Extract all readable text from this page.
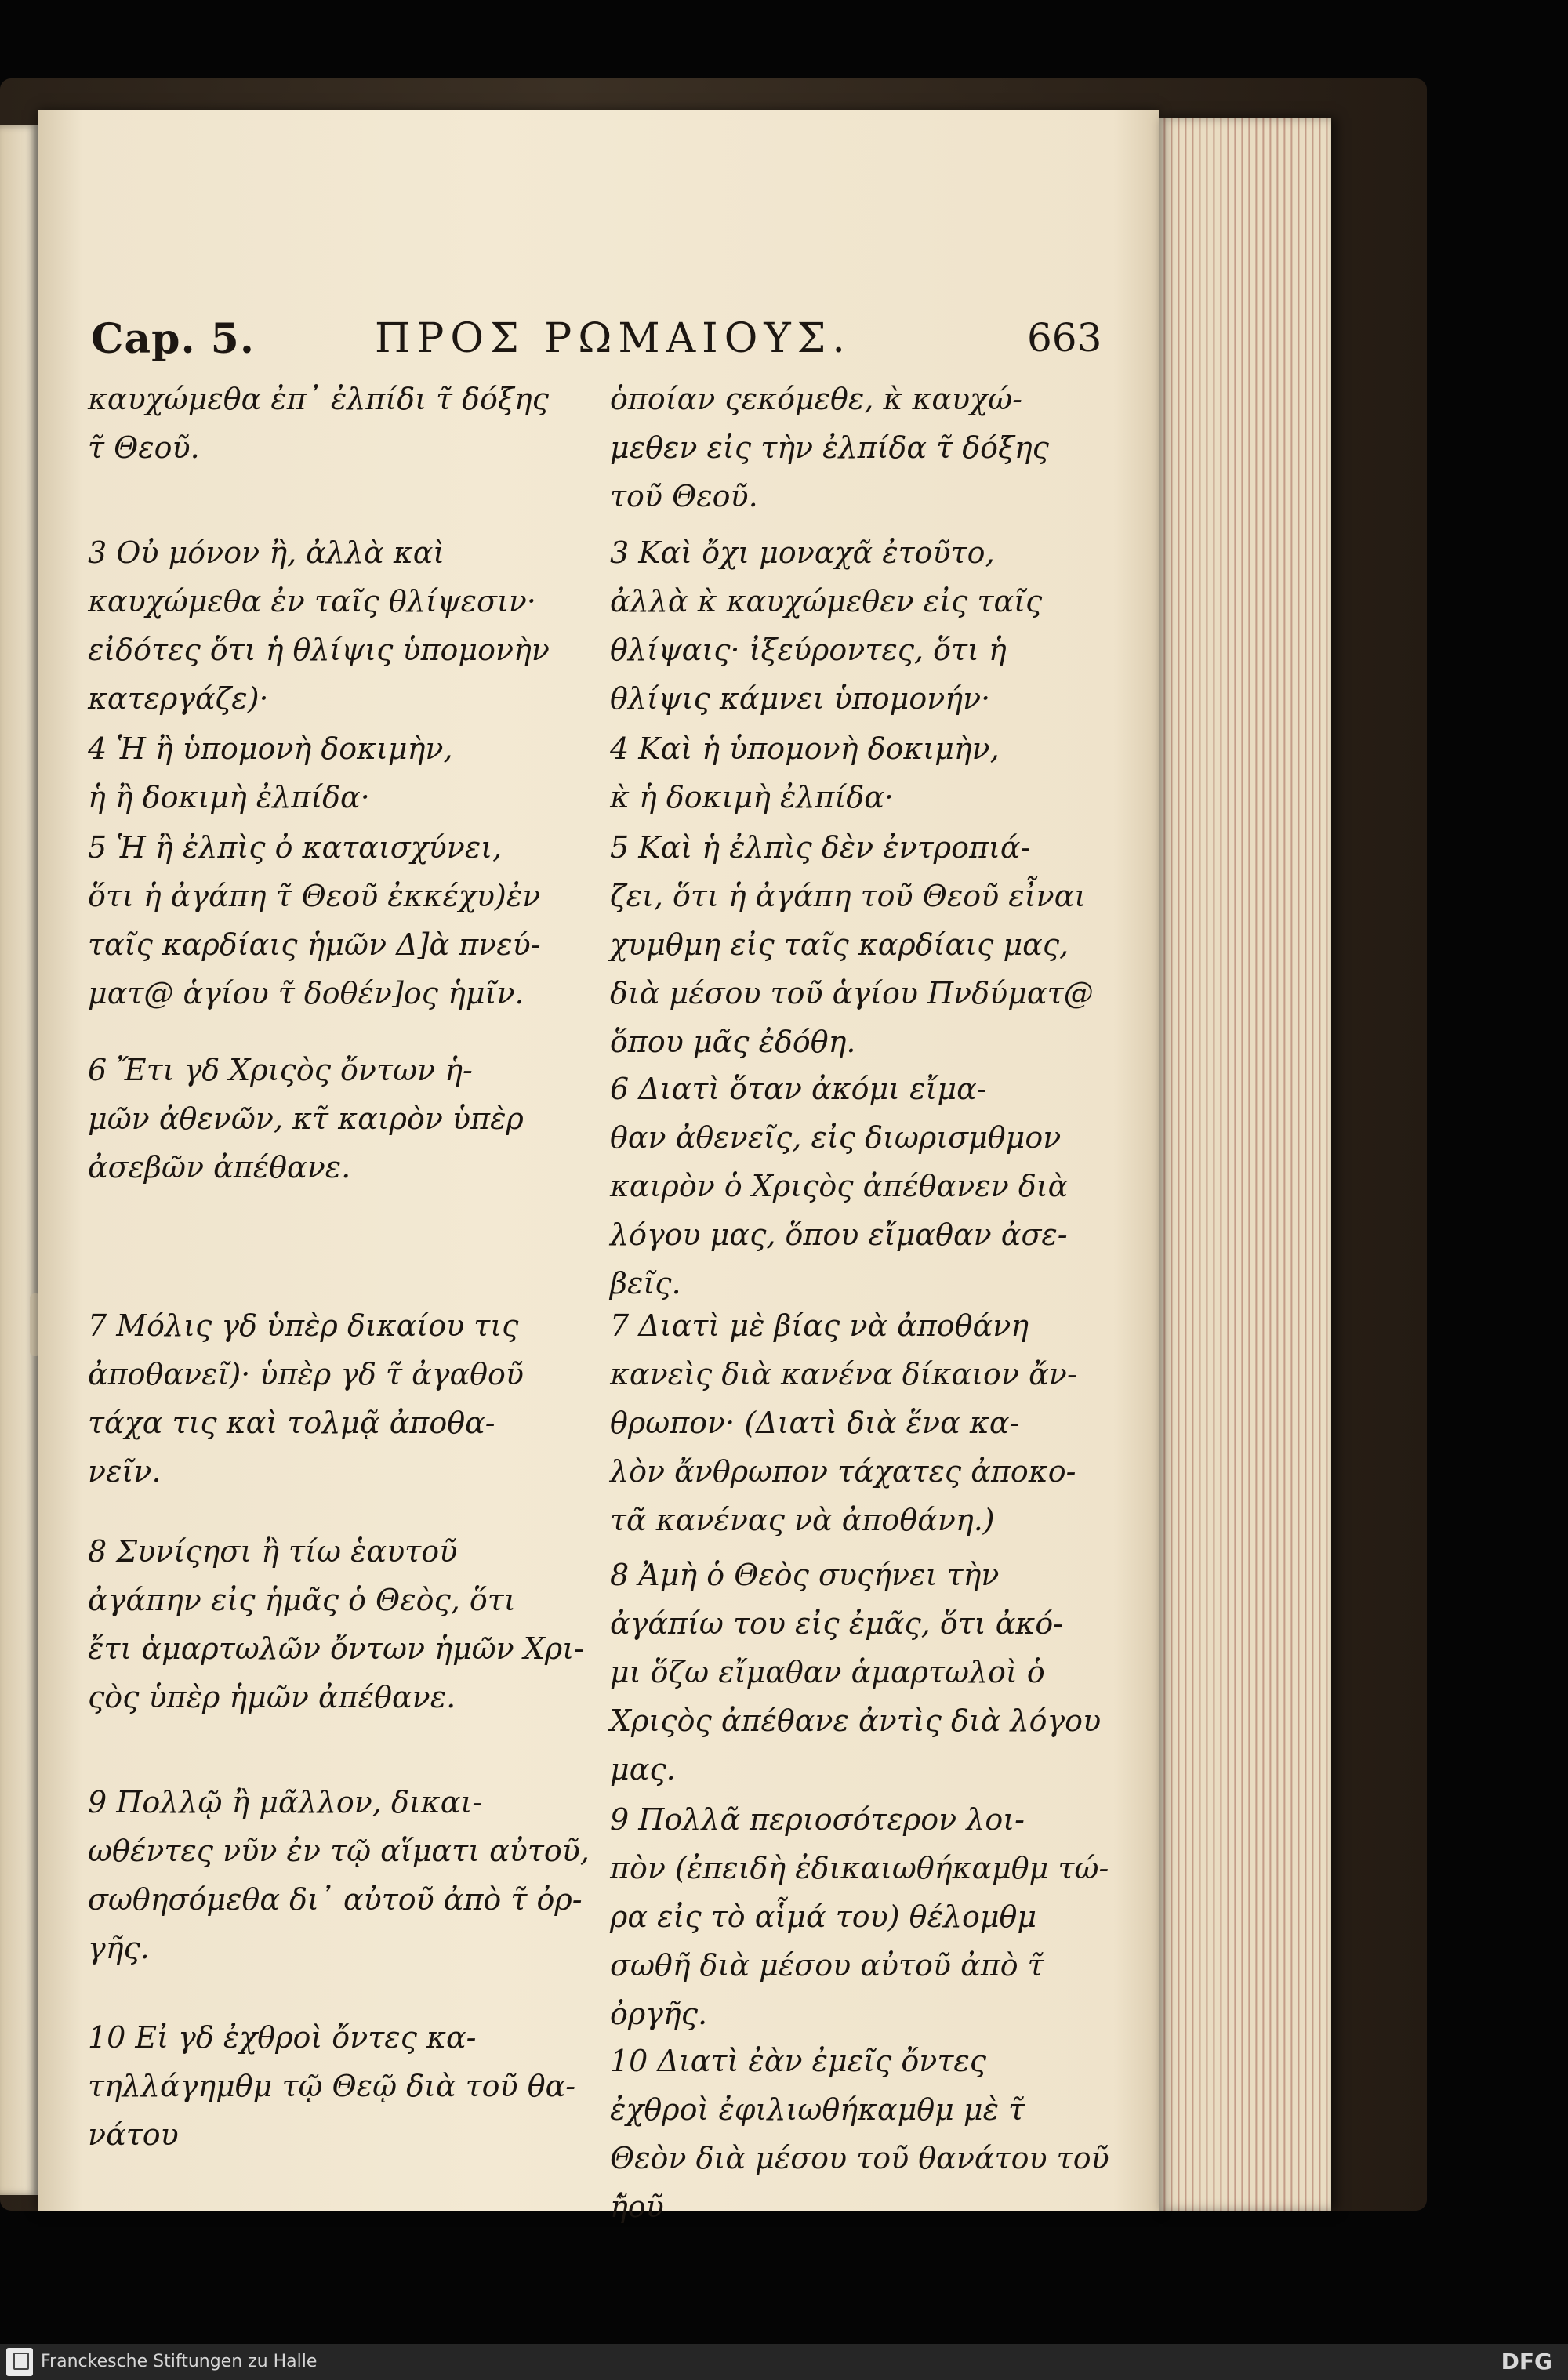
Cap. 5.	ΠΡΟΣ ΡΩΜΑΙΟΥΣ.	663

καυχώμεθα ἐπ᾽ ἐλπίδι τ̃ δόξης
τ̃ Θεοῦ.

3 Οὐ μόνον ἢ, ἀλλὰ καὶ
καυχώμεθα ἐν ταῖς θλίψεσιν·
εἰδότες ὅτι ἡ θλίψις ὑπομονὴν
κατεργάζε)·

4 Ἡ ἢ ὑπομονὴ δοκιμὴν,
ἡ ἢ δοκιμὴ ἐλπίδα·

5 Ἡ ἢ ἐλπὶς ὀ καταισχύνει,
ὅτι ἡ ἀγάπη τ̃ Θεοῦ ἐκκέχυ)ἐν
ταῖς καρδίαις ἡμῶν Δ]ὰ πνεύ-
ματ@ ἁγίου τ̃ δοθέν]ος ἡμῖν.

6 Ἔτι γδ Χριςὸς ὄντων ἡ-
μῶν ἀθενῶν, κτ̃ καιρὸν ὑπὲρ
ἀσεβῶν ἀπέθανε.

7 Μόλις γδ ὑπὲρ δικαίου τις
ἀποθανεῖ)· ὑπὲρ γδ τ̃ ἀγαθοῦ
τάχα τις καὶ τολμᾷ ἀποθα-
νεῖν.

8 Συνίςησι ἢ τίω ἑαυτοῦ
ἀγάπην εἰς ἡμᾶς ὁ Θεὸς, ὅτι
ἔτι ἁμαρτωλῶν ὄντων ἡμῶν Χρι-
ςὸς ὑπὲρ ἡμῶν ἀπέθανε.

9 Πολλῷ ἢ μᾶλλον, δικαι-
ωθέντες νῦν ἐν τῷ αἵματι αὐτοῦ,
σωθησόμεθα δι᾽ αὐτοῦ ἀπὸ τ̃ ὀρ-
γῆς.

10 Εἰ γδ ἐχθροὶ ὄντες κα-
τηλλάγημθμ τῷ Θεῷ διὰ τοῦ θα-
νάτου

ὁποίαν ςεκόμεθε, κ̀ καυχώ-
μεθεν εἰς τὴν ἐλπίδα τ̃ δόξης
τοῦ Θεοῦ.

3 Καὶ ὄχι μοναχᾶ ἐτοῦτο,
ἀλλὰ κ̀ καυχώμεθεν εἰς ταῖς
θλίψαις· ἰξεύροντες, ὅτι ἡ
θλίψις κάμνει ὑπομονήν·

4 Καὶ ἡ ὑπομονὴ δοκιμὴν,
κ̀ ἡ δοκιμὴ ἐλπίδα·

5 Καὶ ἡ ἐλπὶς δὲν ἐντροπιά-
ζει, ὅτι ἡ ἀγάπη τοῦ Θεοῦ εἶναι
χυμθμη εἰς ταῖς καρδίαις μας,
διὰ μέσου τοῦ ἁγίου Πνδύματ@
ὅπου μᾶς ἐδόθη.

6 Διατὶ ὅταν ἀκόμι εἴμα-
θαν ἀθενεῖς, εἰς διωρισμθμον
καιρὸν ὁ Χριςὸς ἀπέθανεν διὰ
λόγου μας, ὅπου εἴμαθαν ἀσε-
βεῖς.

7 Διατὶ μὲ βίας νὰ ἀποθάνη
κανεὶς διὰ κανένα δίκαιον ἄν-
θρωπον· (Διατὶ διὰ ἕνα κα-
λὸν ἄνθρωπον τάχατες ἀποκο-
τᾶ κανένας νὰ ἀποθάνη.)

8 Ἀμὴ ὁ Θεὸς συςήνει τὴν
ἀγάπίω του εἰς ἐμᾶς, ὅτι ἀκό-
μι ὅζω εἴμαθαν ἁμαρτωλοὶ ὁ
Χριςὸς ἀπέθανε ἀντὶς διὰ λόγου
μας.

9 Πολλᾶ περιοσότερον λοι-
πὸν (ἐπειδὴ ἐδικαιωθήκαμθμ τώ-
ρα εἰς τὸ αἷμά του) θέλομθμ
σωθῆ διὰ μέσου αὐτοῦ ἀπὸ τ̃
ὀργῆς.

10 Διατὶ ἐὰν ἐμεῖς ὄντες
ἐχθροὶ ἐφιλιωθήκαμθμ μὲ τ̃
Θεὸν διὰ μέσου τοῦ θανάτου τοῦ
ἡ̃οῦ

Franckesche Stiftungen zu Halle	DFG
